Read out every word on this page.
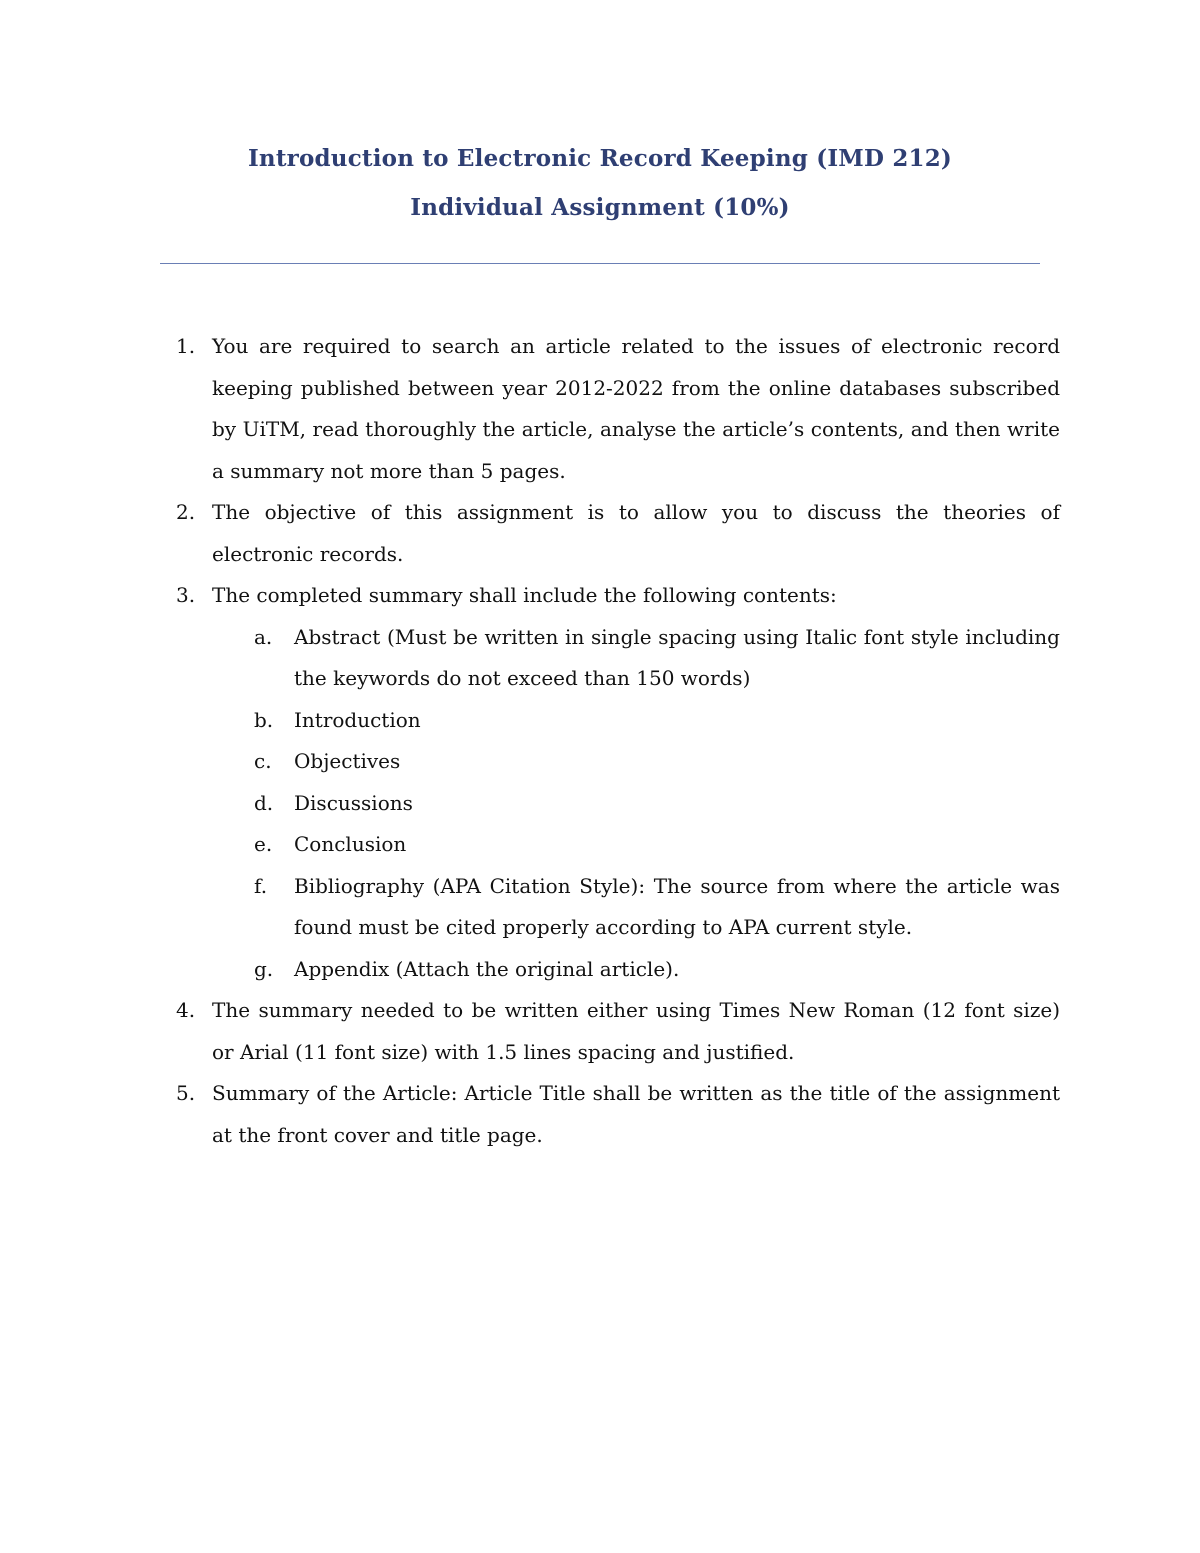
Introduction to Electronic Record Keeping (IMD 212)
Individual Assignment (10%)
1. You are required to search an article related to the issues of electronic record keeping published between year 2012-2022 from the online databases subscribed by UiTM, read thoroughly the article, analyse the article’s contents, and then write a summary not more than 5 pages.
2. The objective of this assignment is to allow you to discuss the theories of electronic records.
3. The completed summary shall include the following contents:
a. Abstract (Must be written in single spacing using Italic font style including the keywords do not exceed than 150 words)
b. Introduction
c. Objectives
d. Discussions
e. Conclusion
f. Bibliography (APA Citation Style): The source from where the article was found must be cited properly according to APA current style.
g. Appendix (Attach the original article).
4. The summary needed to be written either using Times New Roman (12 font size) or Arial (11 font size) with 1.5 lines spacing and justified.
5. Summary of the Article: Article Title shall be written as the title of the assignment at the front cover and title page.
